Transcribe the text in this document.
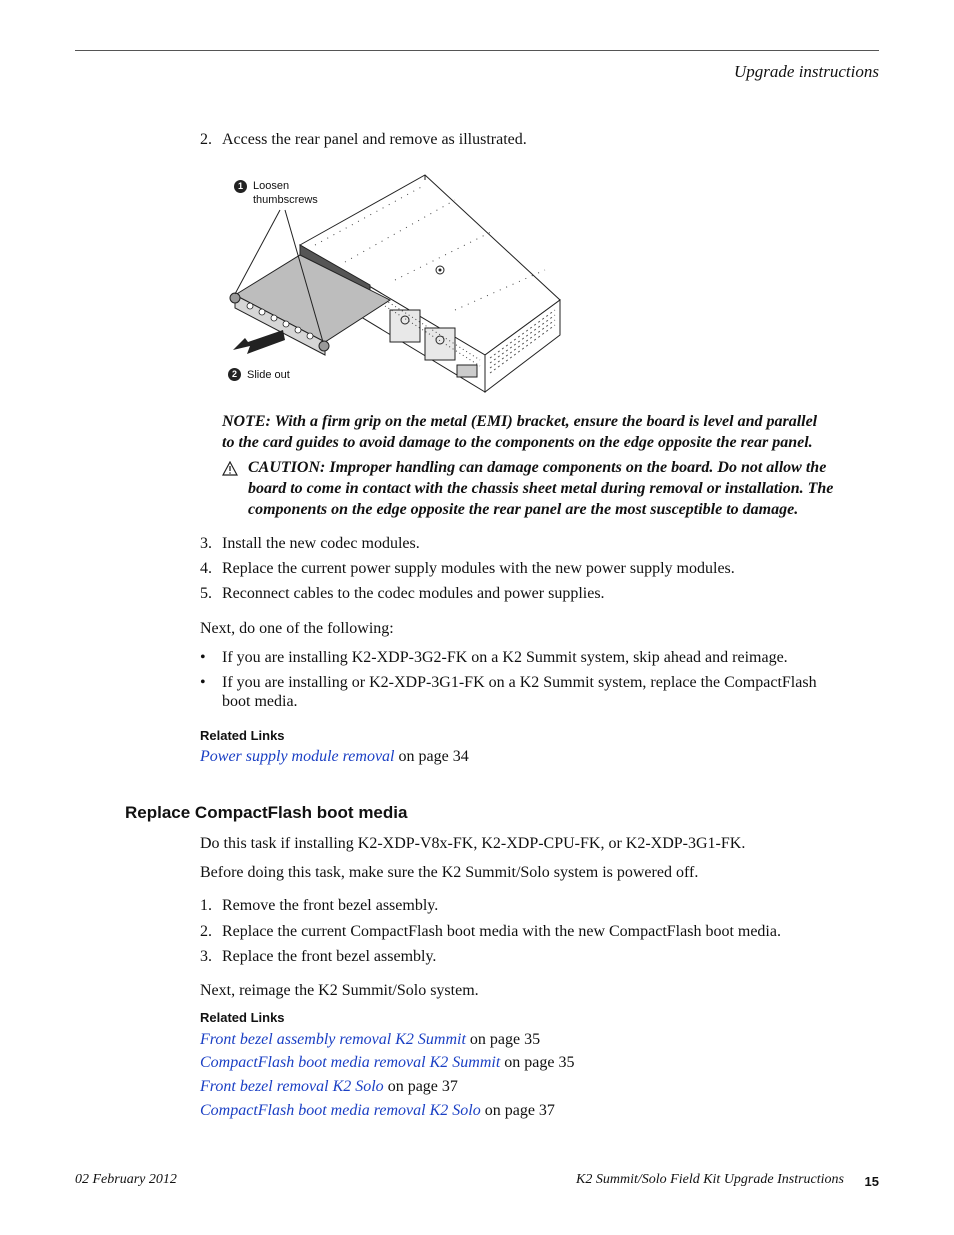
Upgrade instructions
2. Access the rear panel and remove as illustrated.
1 Loosen
thumbscrews
2 Slide out
NOTE: With a firm grip on the metal (EMI) bracket, ensure the board is level and parallel
to the card guides to avoid damage to the components on the edge opposite the rear panel.
CAUTION: Improper handling can damage components on the board. Do not allow the
board to come in contact with the chassis sheet metal during removal or installation. The
components on the edge opposite the rear panel are the most susceptible to damage.
3. Install the new codec modules.
4. Replace the current power supply modules with the new power supply modules.
5. Reconnect cables to the codec modules and power supplies.
Next, do one of the following:
• If you are installing K2-XDP-3G2-FK on a K2 Summit system, skip ahead and reimage.
• If you are installing or K2-XDP-3G1-FK on a K2 Summit system, replace the CompactFlash
boot media.
Related Links
Power supply module removal on page 34
Replace CompactFlash boot media
Do this task if installing K2-XDP-V8x-FK, K2-XDP-CPU-FK, or K2-XDP-3G1-FK.
Before doing this task, make sure the K2 Summit/Solo system is powered off.
1. Remove the front bezel assembly.
2. Replace the current CompactFlash boot media with the new CompactFlash boot media.
3. Replace the front bezel assembly.
Next, reimage the K2 Summit/Solo system.
Related Links
Front bezel assembly removal K2 Summit on page 35
CompactFlash boot media removal K2 Summit on page 35
Front bezel removal K2 Solo on page 37
CompactFlash boot media removal K2 Solo on page 37
02 February 2012	K2 Summit/Solo Field Kit Upgrade Instructions 15
